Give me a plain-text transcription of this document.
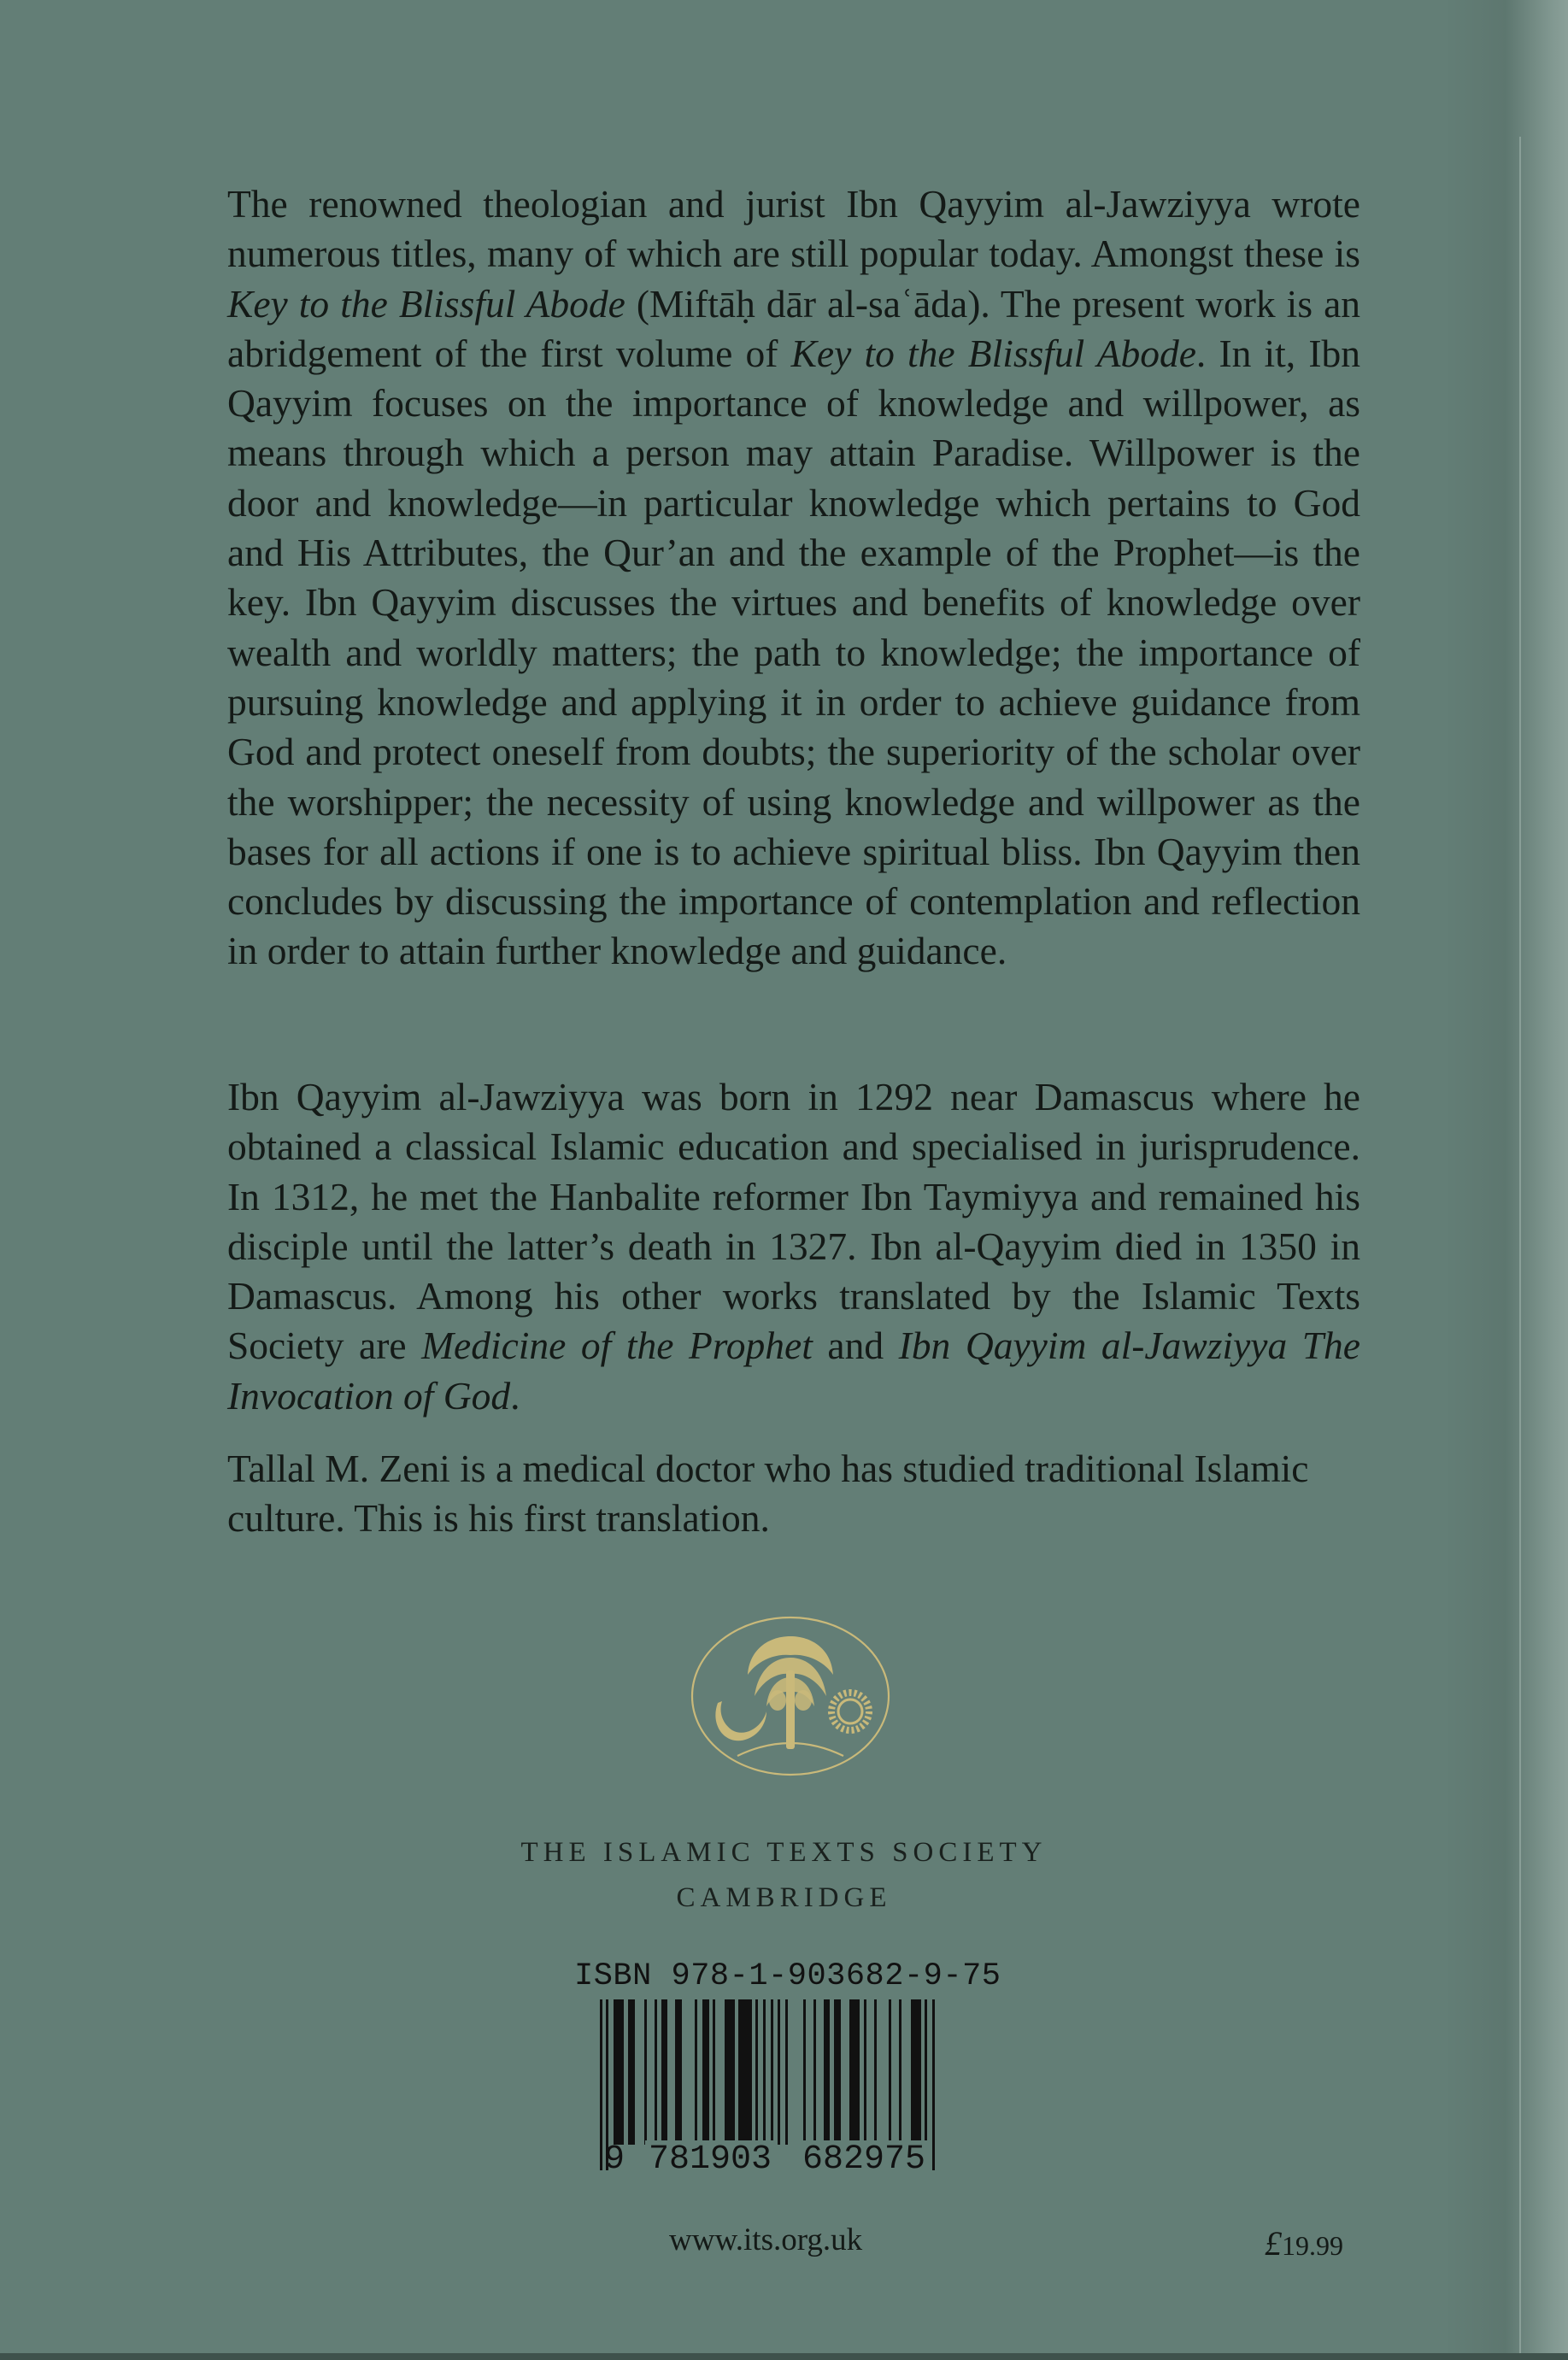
The renowned theologian and jurist Ibn Qayyim al-Jawziyya wrote numerous titles, many of which are still popular today. Amongst these is Key to the Blissful Abode (Miftāḥ dār al-saʿāda). The present work is an abridgement of the first volume of Key to the Blissful Abode. In it, Ibn Qayyim focuses on the importance of knowledge and willpower, as means through which a person may attain Paradise. Willpower is the door and knowledge—in particular knowledge which pertains to God and His Attributes, the Qur’an and the example of the Prophet—is the key. Ibn Qayyim discusses the virtues and benefits of knowledge over wealth and worldly matters; the path to knowledge; the importance of pursuing knowledge and applying it in order to achieve guidance from God and protect oneself from doubts; the superiority of the scholar over the worshipper; the necessity of using knowledge and willpower as the bases for all actions if one is to achieve spiritual bliss. Ibn Qayyim then concludes by discussing the importance of contemplation and reflection in order to attain further knowledge and guidance.

Ibn Qayyim al-Jawziyya was born in 1292 near Damascus where he obtained a classical Islamic education and specialised in jurisprudence. In 1312, he met the Hanbalite reformer Ibn Taymiyya and remained his disciple until the latter’s death in 1327. Ibn al-Qayyim died in 1350 in Damascus. Among his other works translated by the Islamic Texts Society are Medicine of the Prophet and Ibn Qayyim al-Jawziyya The Invocation of God.

Tallal M. Zeni is a medical doctor who has studied traditional Islamic culture. This is his first translation.

THE ISLAMIC TEXTS SOCIETY
CAMBRIDGE
ISBN 978-1-903682-9-75
9 781903 682975
www.its.org.uk	£19.99
